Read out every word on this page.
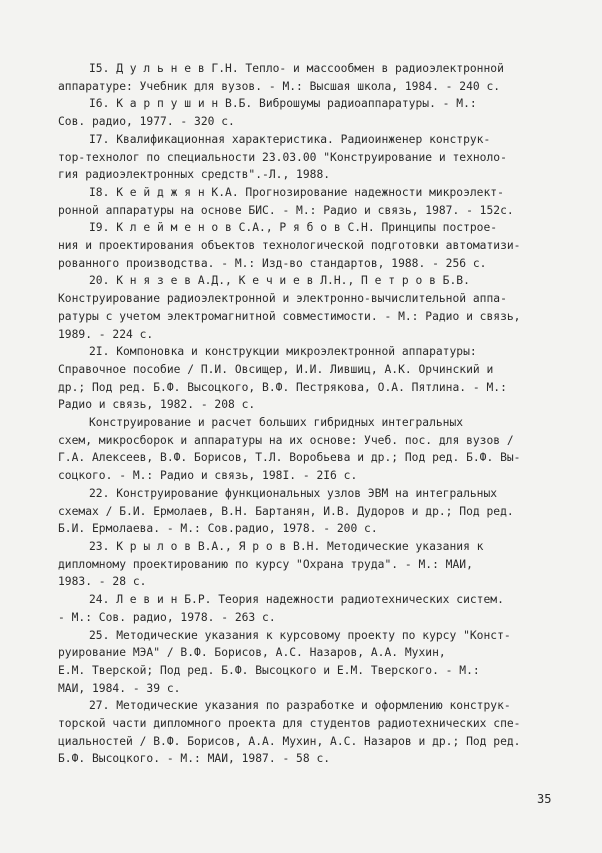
I5. Д у л ь н е в Г.Н. Тепло- и массообмен в радиоэлектронной
аппаратуре: Учебник для вузов. - М.: Высшая школа, 1984. - 240 с.
I6. К а р п у ш и н В.Б. Виброшумы радиоаппаратуры. - М.:
Сов. радио, 1977. - 320 с.
I7. Квалификационная характеристика. Радиоинженер конструк-
тор-технолог по специальности 23.03.00 "Конструирование и техноло-
гия радиоэлектронных средств".-Л., 1988.
I8. К е й д ж я н К.А. Прогнозирование надежности микроэлект-
ронной аппаратуры на основе БИС. - М.: Радио и связь, 1987. - 152с.
I9. К л е й м е н о в С.А., Р я б о в С.Н. Принципы построе-
ния и проектирования объектов технологической подготовки автоматизи-
рованного производства. - М.: Изд-во стандартов, 1988. - 256 с.
20. К н я з е в А.Д., К е ч и е в Л.Н., П е т р о в Б.В.
Конструирование радиоэлектронной и электронно-вычислительной аппа-
ратуры с учетом электромагнитной совместимости. - М.: Радио и связь,
1989. - 224 с.
2I. Компоновка и конструкции микроэлектронной аппаратуры:
Справочное пособие / П.И. Овсищер, И.И. Лившиц, А.К. Орчинский и
др.; Под ред. Б.Ф. Высоцкого, В.Ф. Пестрякова, О.А. Пятлина. - М.:
Радио и связь, 1982. - 208 с.
Конструирование и расчет больших гибридных интегральных
схем, микросборок и аппаратуры на их основе: Учеб. пос. для вузов /
Г.А. Алексеев, В.Ф. Борисов, Т.Л. Воробьева и др.; Под ред. Б.Ф. Вы-
соцкого. - М.: Радио и связь, 198I. - 2I6 с.
22. Конструирование функциональных узлов ЭВМ на интегральных
схемах / Б.И. Ермолаев, В.Н. Бартанян, И.В. Дудоров и др.; Под ред.
Б.И. Ермолаева. - М.: Сов.радио, 1978. - 200 с.
23. К р ы л о в В.А., Я р о в В.Н. Методические указания к
дипломному проектированию по курсу "Охрана труда". - М.: МАИ,
1983. - 28 с.
24. Л е в и н Б.Р. Теория надежности радиотехнических систем.
- М.: Сов. радио, 1978. - 263 с.
25. Методические указания к курсовому проекту по курсу "Конст-
руирование МЭА" / В.Ф. Борисов, А.С. Назаров, А.А. Мухин,
Е.М. Тверской; Под ред. Б.Ф. Высоцкого и Е.М. Тверского. - М.:
МАИ, 1984. - 39 с.
27. Методические указания по разработке и оформлению конструк-
торской части дипломного проекта для студентов радиотехнических спе-
циальностей / В.Ф. Борисов, А.А. Мухин, А.С. Назаров и др.; Под ред.
Б.Ф. Высоцкого. - М.: МАИ, 1987. - 58 с.
35
